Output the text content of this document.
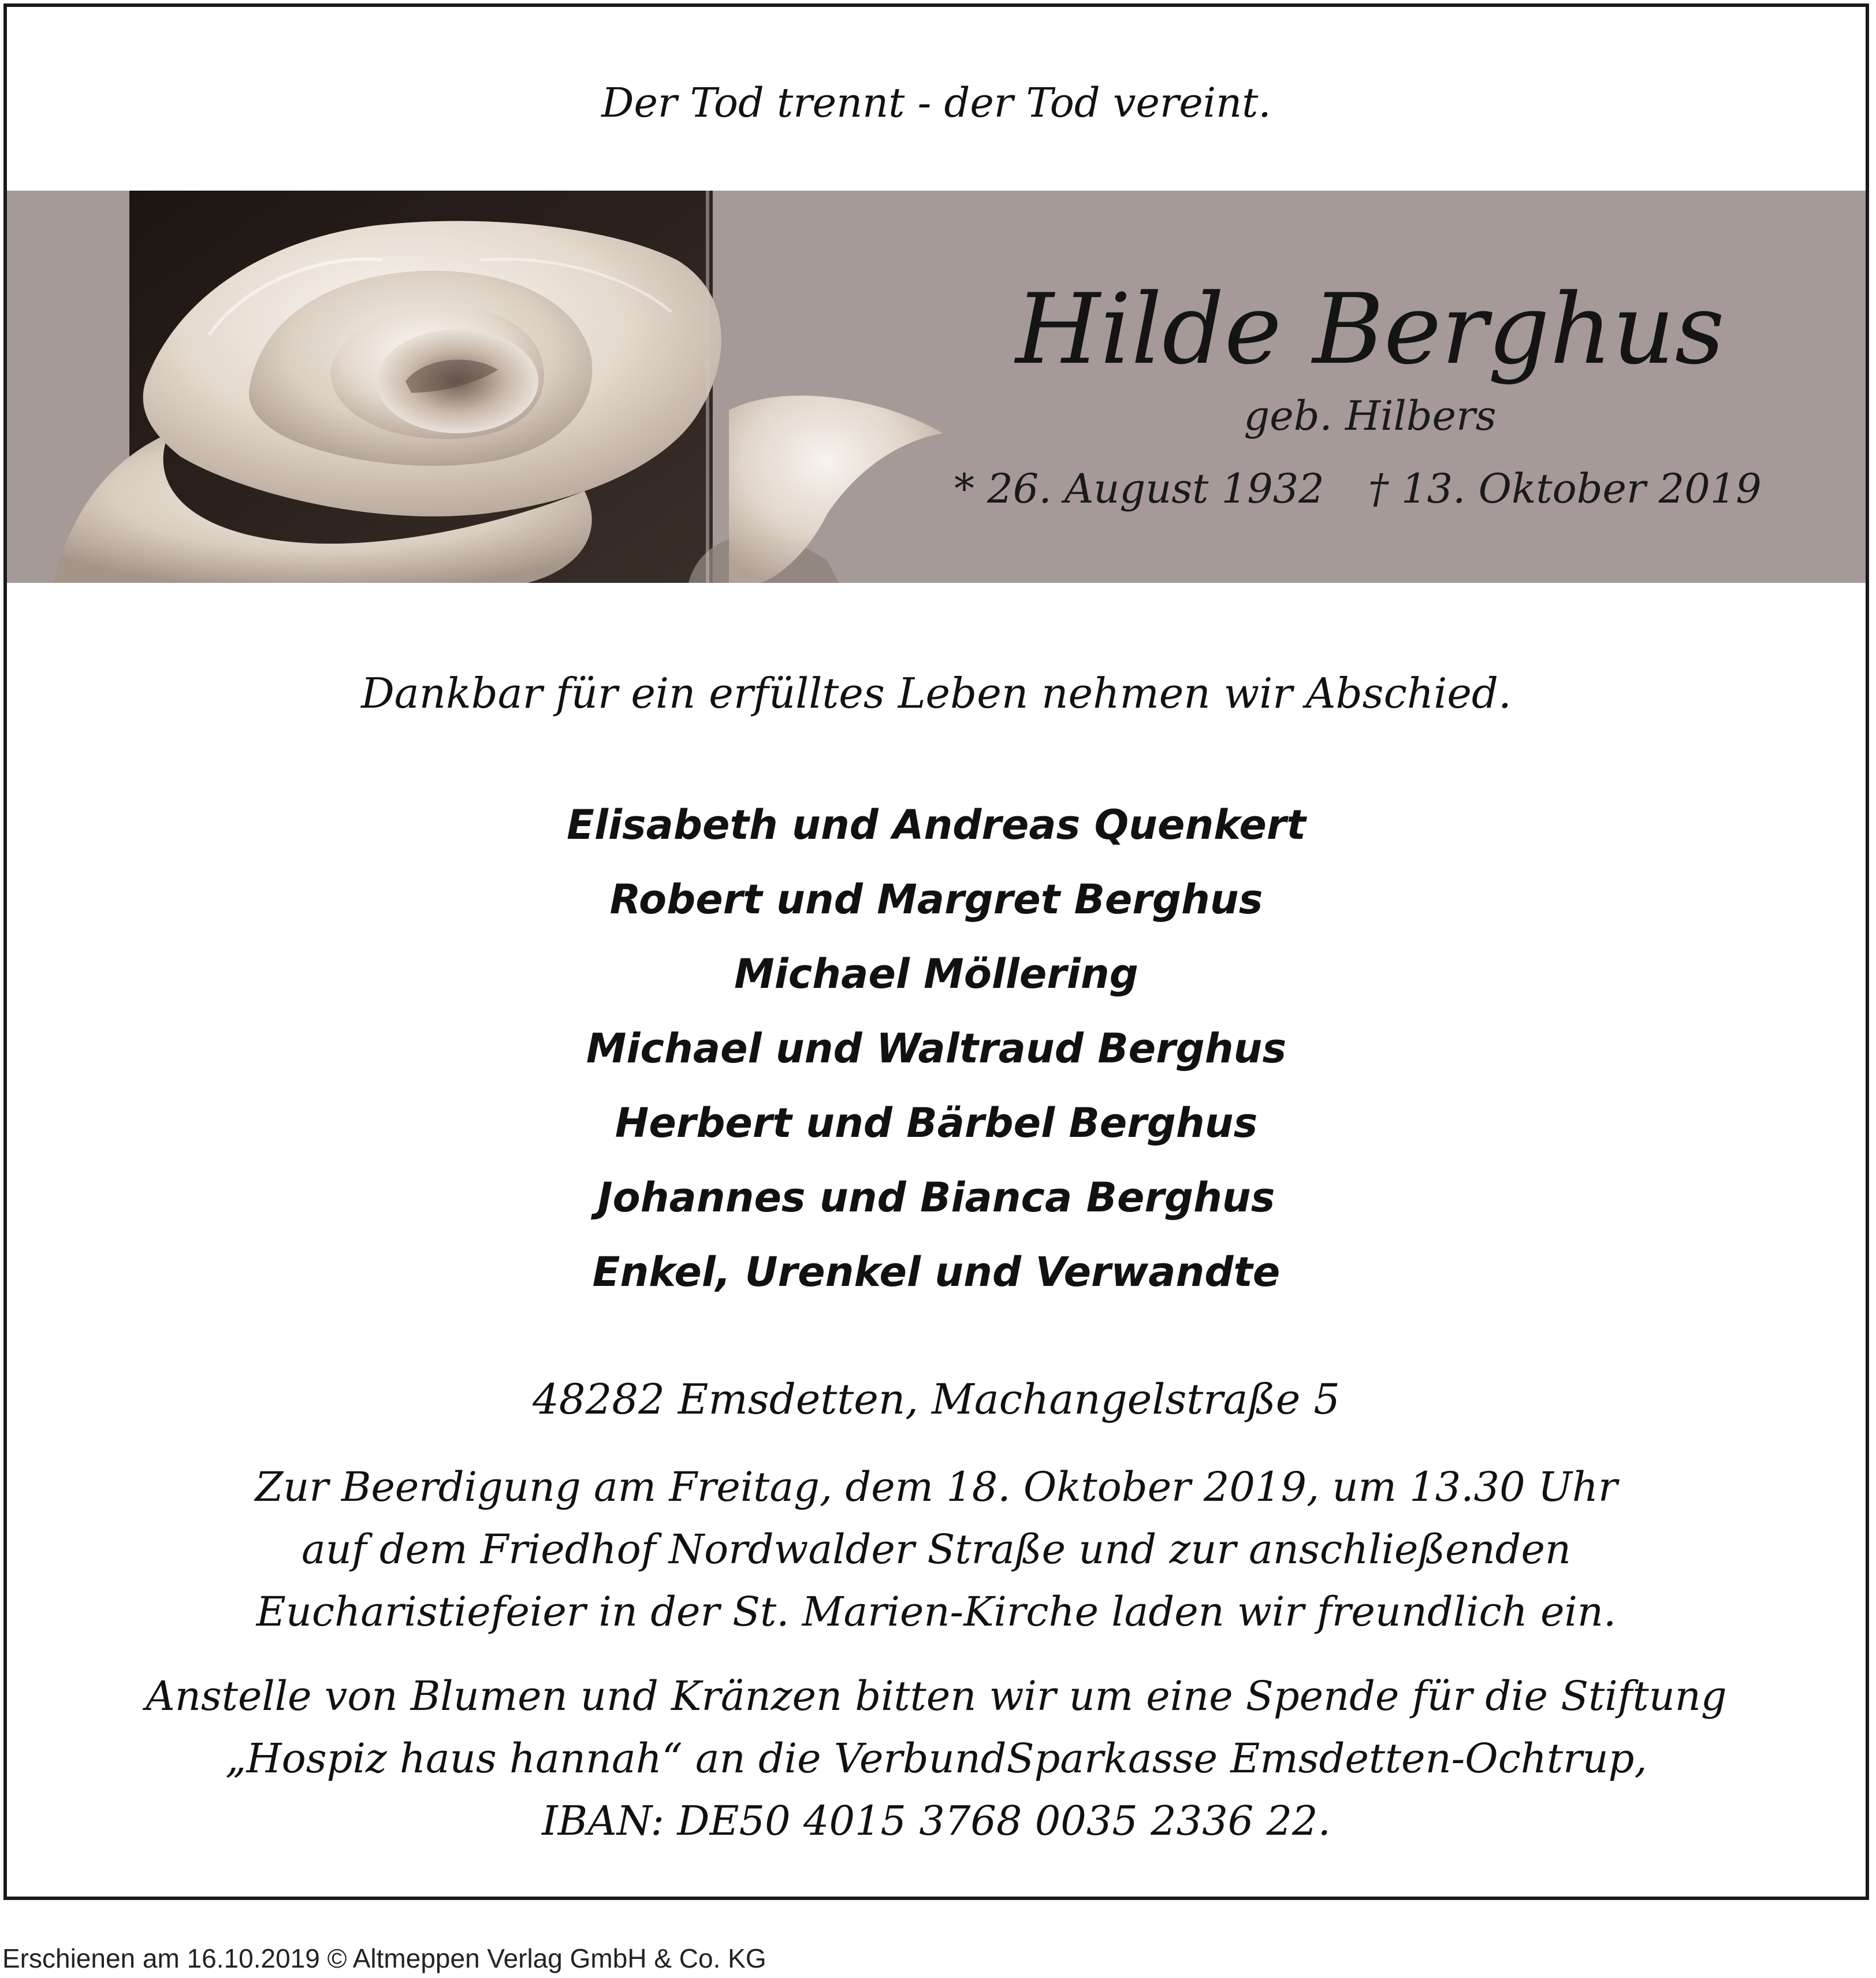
Der Tod trennt - der Tod vereint.
Hilde Berghus
geb. Hilbers
* 26. August 1932 † 13. Oktober 2019
Dankbar für ein erfülltes Leben nehmen wir Abschied.
Elisabeth und Andreas Quenkert
Robert und Margret Berghus
Michael Möllering
Michael und Waltraud Berghus
Herbert und Bärbel Berghus
Johannes und Bianca Berghus
Enkel, Urenkel und Verwandte
48282 Emsdetten, Machangelstraße 5
Zur Beerdigung am Freitag, dem 18. Oktober 2019, um 13.30 Uhr
auf dem Friedhof Nordwalder Straße und zur anschließenden
Eucharistiefeier in der St. Marien-Kirche laden wir freundlich ein.
Anstelle von Blumen und Kränzen bitten wir um eine Spende für die Stiftung
„Hospiz haus hannah“ an die VerbundSparkasse Emsdetten-Ochtrup,
IBAN: DE50 4015 3768 0035 2336 22.
Erschienen am 16.10.2019 © Altmeppen Verlag GmbH & Co. KG
